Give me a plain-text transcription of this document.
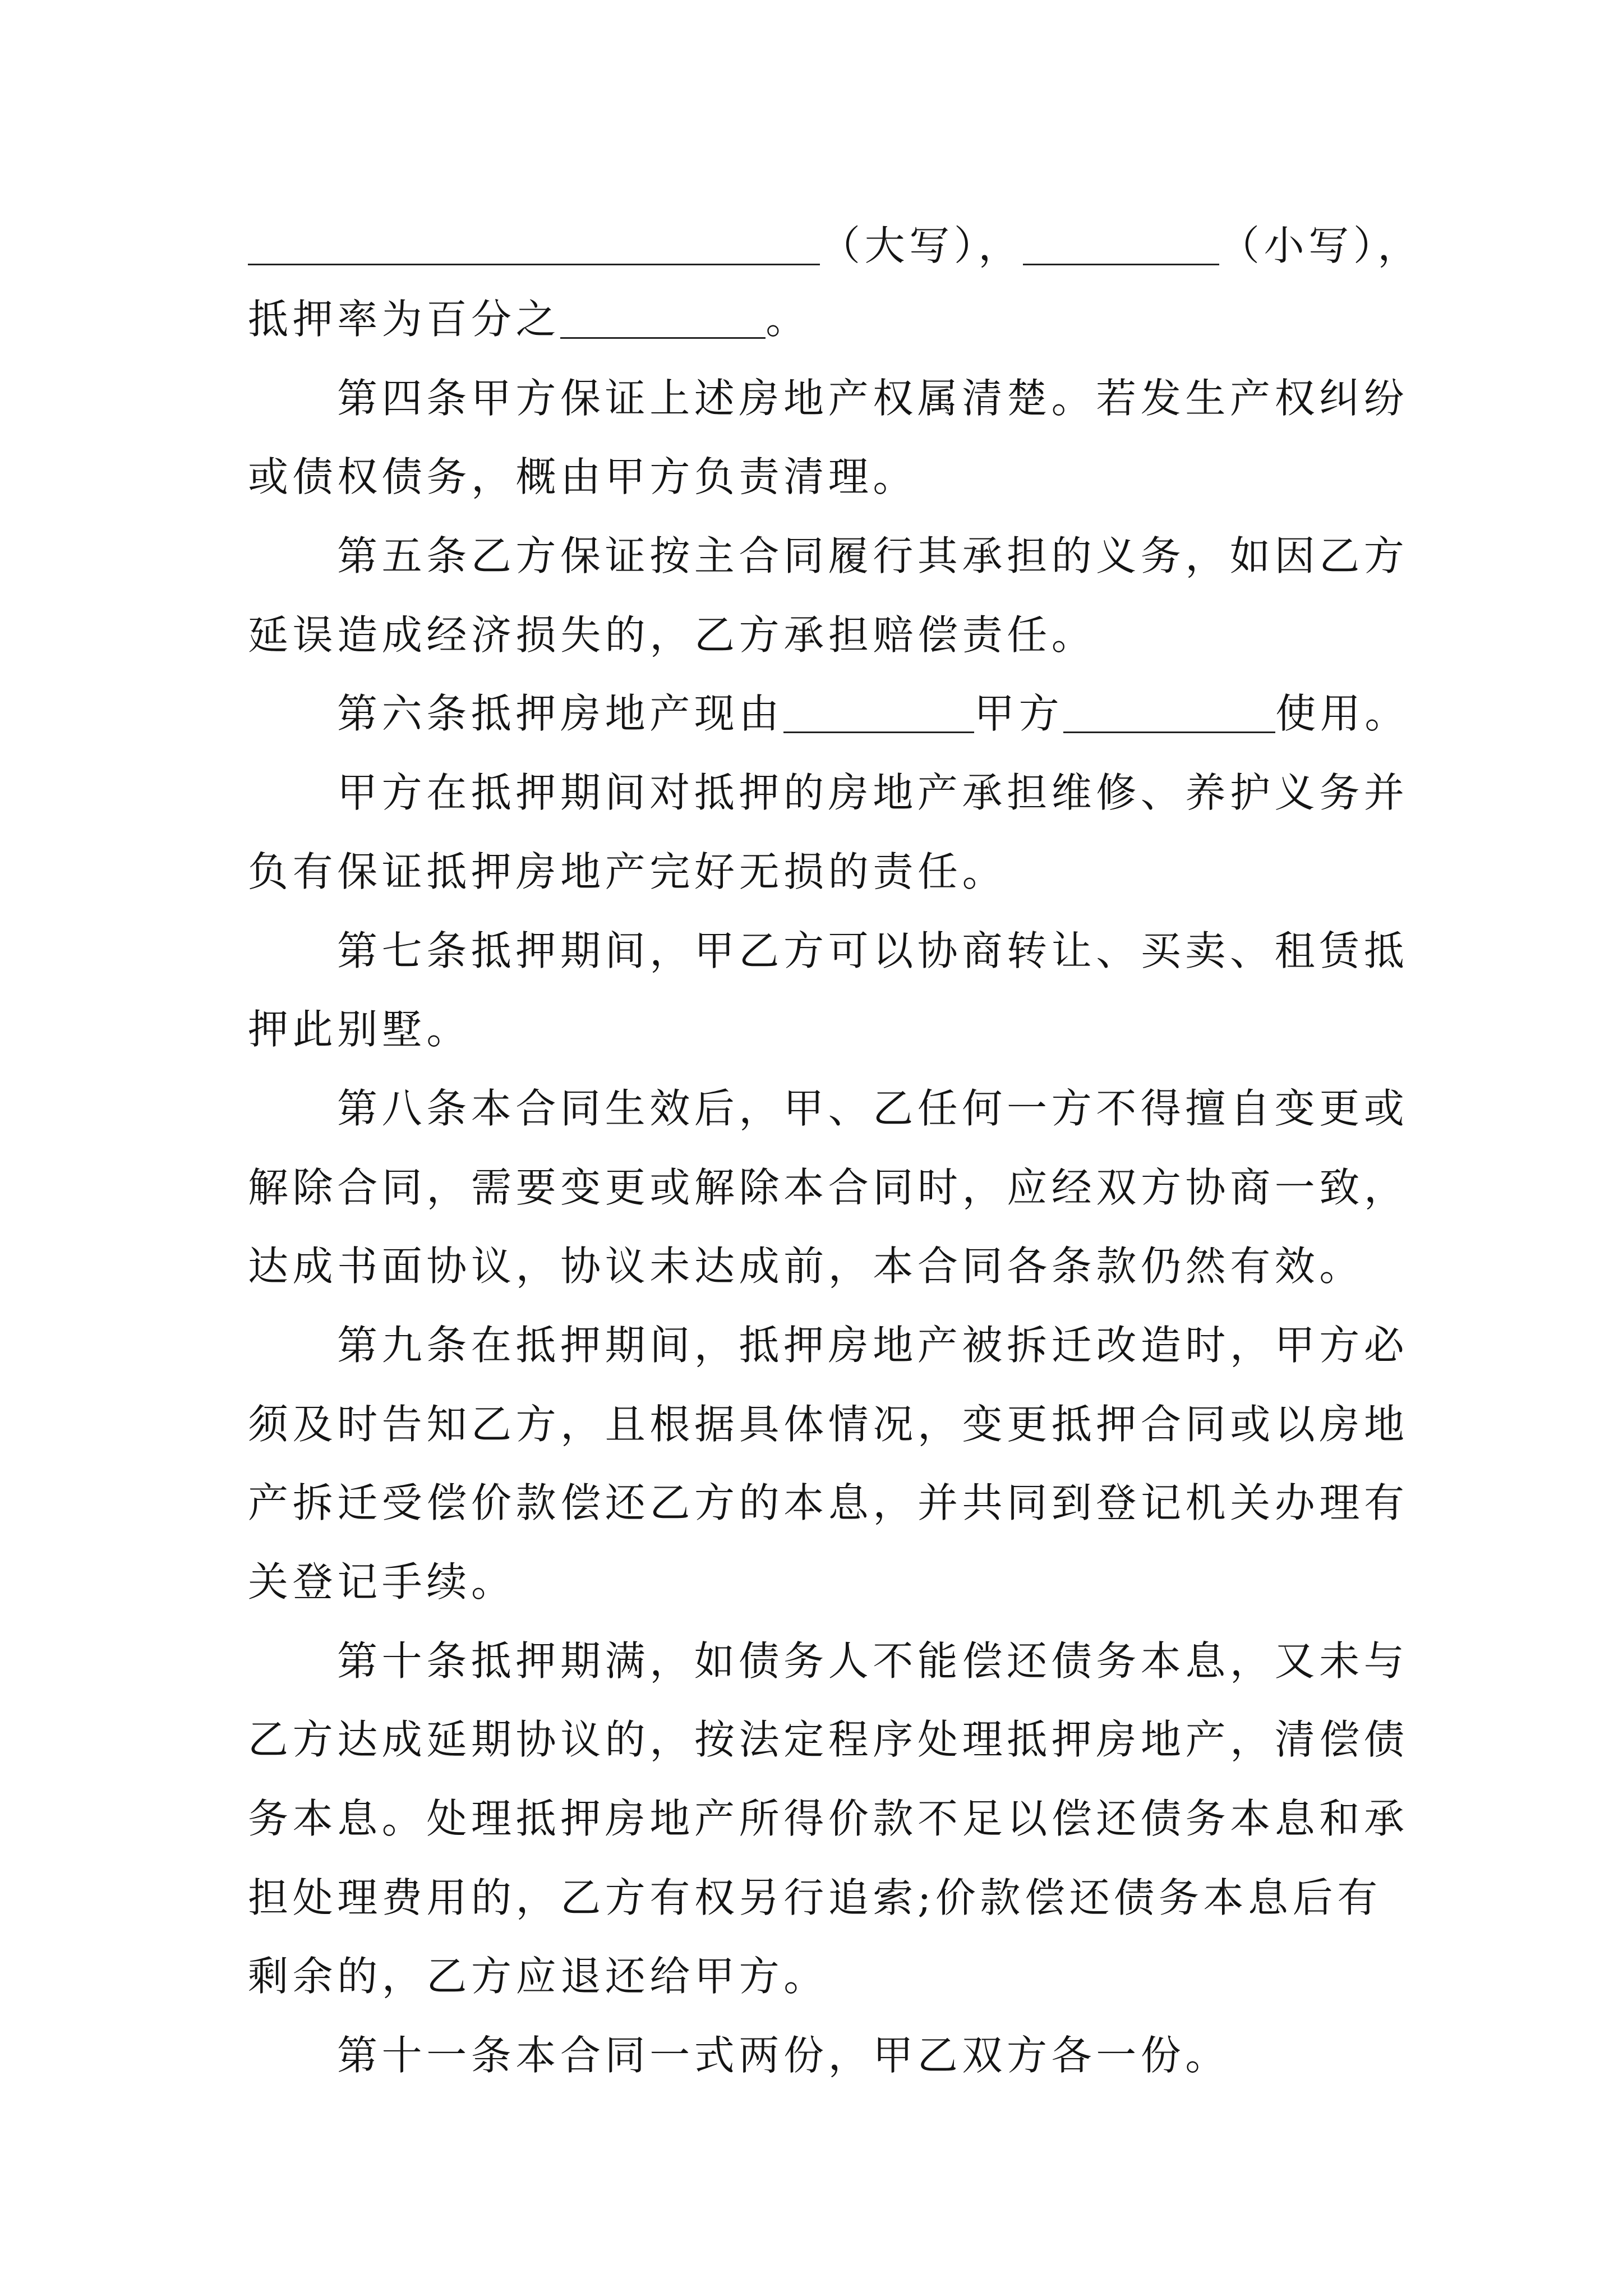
（大写），	（小写），
抵押率为百分之	。
第四条甲方保证上述房地产权属清楚。若发生产权纠纷
或债权债务，概由甲方负责清理。
第五条乙方保证按主合同履行其承担的义务，如因乙方
延误造成经济损失的，乙方承担赔偿责任。
第六条抵押房地产现由	甲方	使用。
甲方在抵押期间对抵押的房地产承担维修、养护义务并
负有保证抵押房地产完好无损的责任。
第七条抵押期间，甲乙方可以协商转让、买卖、租赁抵
押此别墅。
第八条本合同生效后，甲、乙任何一方不得擅自变更或
解除合同，需要变更或解除本合同时，应经双方协商一致，
达成书面协议，协议未达成前，本合同各条款仍然有效。
第九条在抵押期间，抵押房地产被拆迁改造时，甲方必
须及时告知乙方，且根据具体情况，变更抵押合同或以房地
产拆迁受偿价款偿还乙方的本息，并共同到登记机关办理有
关登记手续。
第十条抵押期满，如债务人不能偿还债务本息，又未与
乙方达成延期协议的，按法定程序处理抵押房地产，清偿债
务本息。处理抵押房地产所得价款不足以偿还债务本息和承
担处理费用的，乙方有权另行追索;价款偿还债务本息后有
剩余的，乙方应退还给甲方。
第十一条本合同一式两份，甲乙双方各一份。
